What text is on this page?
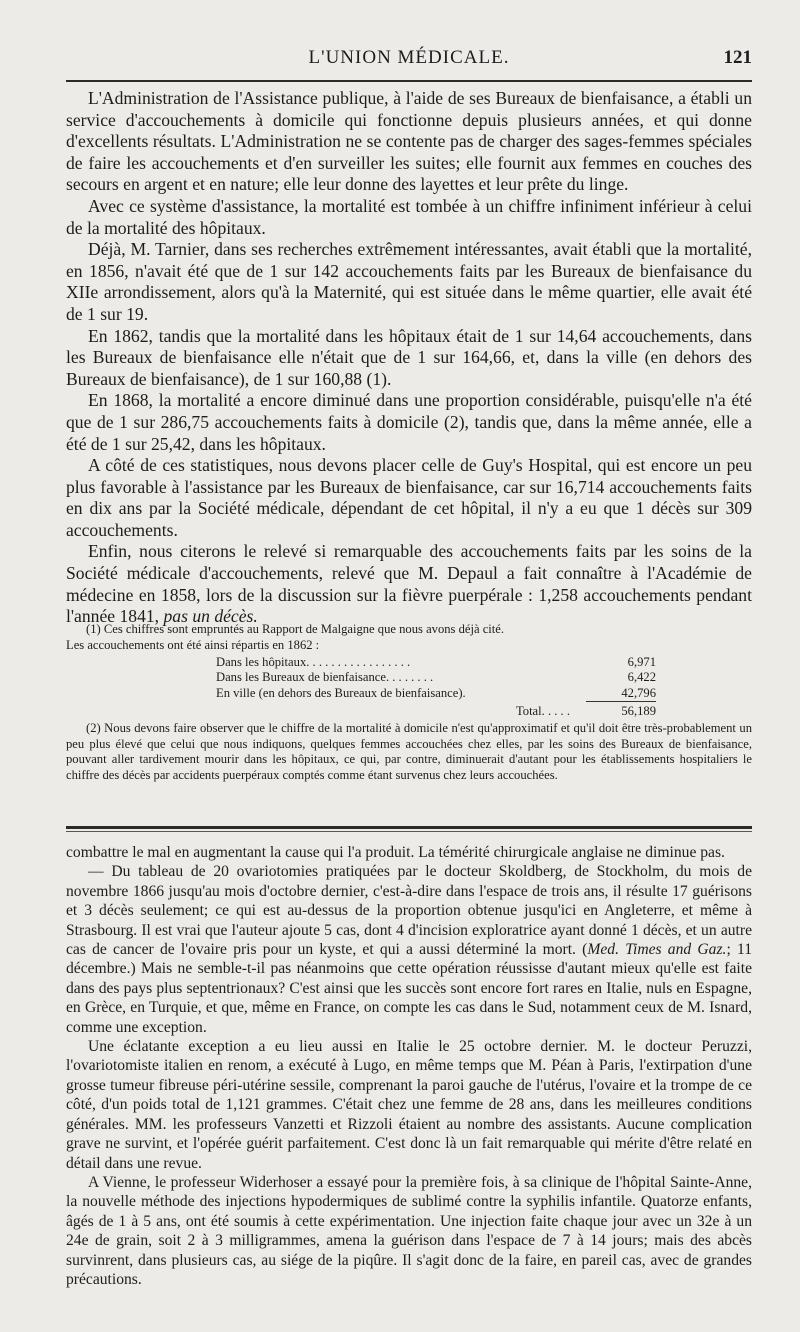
L'UNION MÉDICALE.	121

L'Administration de l'Assistance publique, à l'aide de ses Bureaux de bienfaisance, a établi un service d'accouchements à domicile qui fonctionne depuis plusieurs années, et qui donne d'excellents résultats. L'Administration ne se contente pas de charger des sages-femmes spéciales de faire les accouchements et d'en surveiller les suites; elle fournit aux femmes en couches des secours en argent et en nature; elle leur donne des layettes et leur prête du linge.

Avec ce système d'assistance, la mortalité est tombée à un chiffre infiniment inférieur à celui de la mortalité des hôpitaux.

Déjà, M. Tarnier, dans ses recherches extrêmement intéressantes, avait établi que la mortalité, en 1856, n'avait été que de 1 sur 142 accouchements faits par les Bureaux de bienfaisance du XIIe arrondissement, alors qu'à la Maternité, qui est située dans le même quartier, elle avait été de 1 sur 19.

En 1862, tandis que la mortalité dans les hôpitaux était de 1 sur 14,64 accouchements, dans les Bureaux de bienfaisance elle n'était que de 1 sur 164,66, et, dans la ville (en dehors des Bureaux de bienfaisance), de 1 sur 160,88 (1).

En 1868, la mortalité a encore diminué dans une proportion considérable, puisqu'elle n'a été que de 1 sur 286,75 accouchements faits à domicile (2), tandis que, dans la même année, elle a été de 1 sur 25,42, dans les hôpitaux.

A côté de ces statistiques, nous devons placer celle de Guy's Hospital, qui est encore un peu plus favorable à l'assistance par les Bureaux de bienfaisance, car sur 16,714 accouchements faits en dix ans par la Société médicale, dépendant de cet hôpital, il n'y a eu que 1 décès sur 309 accouchements.

Enfin, nous citerons le relevé si remarquable des accouchements faits par les soins de la Société médicale d'accouchements, relevé que M. Depaul a fait connaître à l'Académie de médecine en 1858, lors de la discussion sur la fièvre puerpérale : 1,258 accouchements pendant l'année 1841, pas un décès.

(1) Ces chiffres sont empruntés au Rapport de Malgaigne que nous avons déjà cité.

Les accouchements ont été ainsi répartis en 1862 :

Dans les hôpitaux. . . . . . . . . . . . . . . . .	6,971
Dans les Bureaux de bienfaisance. . . . . . . .	6,422
En ville (en dehors des Bureaux de bienfaisance).	42,796
Total. . . . .	56,189

(2) Nous devons faire observer que le chiffre de la mortalité à domicile n'est qu'approximatif et qu'il doit être très-probablement un peu plus élevé que celui que nous indiquons, quelques femmes accouchées chez elles, par les soins des Bureaux de bienfaisance, pouvant aller tardivement mourir dans les hôpitaux, ce qui, par contre, diminuerait d'autant pour les établissements hospitaliers le chiffre des décès par accidents puerpéraux comptés comme étant survenus chez leurs accouchées.

combattre le mal en augmentant la cause qui l'a produit. La témérité chirurgicale anglaise ne diminue pas.

— Du tableau de 20 ovariotomies pratiquées par le docteur Skoldberg, de Stockholm, du mois de novembre 1866 jusqu'au mois d'octobre dernier, c'est-à-dire dans l'espace de trois ans, il résulte 17 guérisons et 3 décès seulement; ce qui est au-dessus de la proportion obtenue jusqu'ici en Angleterre, et même à Strasbourg. Il est vrai que l'auteur ajoute 5 cas, dont 4 d'incision exploratrice ayant donné 1 décès, et un autre cas de cancer de l'ovaire pris pour un kyste, et qui a aussi déterminé la mort. (Med. Times and Gaz.; 11 décembre.) Mais ne semble-t-il pas néanmoins que cette opération réussisse d'autant mieux qu'elle est faite dans des pays plus septentrionaux? C'est ainsi que les succès sont encore fort rares en Italie, nuls en Espagne, en Grèce, en Turquie, et que, même en France, on compte les cas dans le Sud, notamment ceux de M. Isnard, comme une exception.

Une éclatante exception a eu lieu aussi en Italie le 25 octobre dernier. M. le docteur Peruzzi, l'ovariotomiste italien en renom, a exécuté à Lugo, en même temps que M. Péan à Paris, l'extirpation d'une grosse tumeur fibreuse péri-utérine sessile, comprenant la paroi gauche de l'utérus, l'ovaire et la trompe de ce côté, d'un poids total de 1,121 grammes. C'était chez une femme de 28 ans, dans les meilleures conditions générales. MM. les professeurs Vanzetti et Rizzoli étaient au nombre des assistants. Aucune complication grave ne survint, et l'opérée guérit parfaitement. C'est donc là un fait remarquable qui mérite d'être relaté en détail dans une revue.

A Vienne, le professeur Widerhoser a essayé pour la première fois, à sa clinique de l'hôpital Sainte-Anne, la nouvelle méthode des injections hypodermiques de sublimé contre la syphilis infantile. Quatorze enfants, âgés de 1 à 5 ans, ont été soumis à cette expérimentation. Une injection faite chaque jour avec un 32e à un 24e de grain, soit 2 à 3 milligrammes, amena la guérison dans l'espace de 7 à 14 jours; mais des abcès survinrent, dans plusieurs cas, au siége de la piqûre. Il s'agit donc de la faire, en pareil cas, avec de grandes précautions.
